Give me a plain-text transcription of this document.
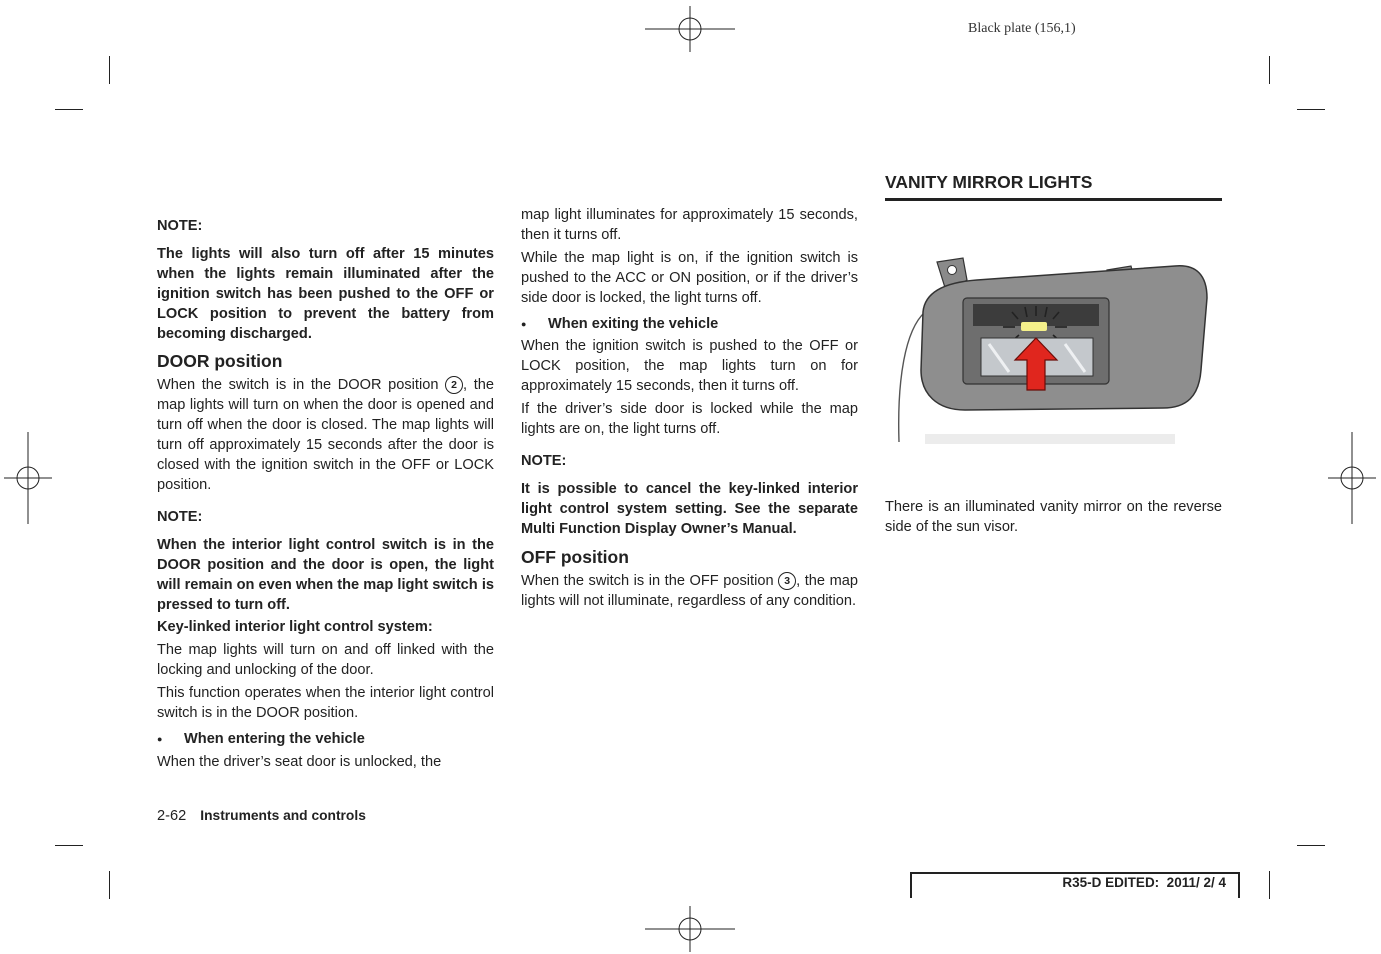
Black plate (156,1)

NOTE:

The lights will also turn off after 15 minutes when the lights remain illuminated after the ignition switch has been pushed to the OFF or LOCK position to prevent the battery from becoming discharged.

DOOR position

When the switch is in the DOOR position 2 , the map lights will turn on when the door is opened and turn off when the door is closed. The map lights will turn off approximately 15 seconds after the door is closed with the ignition switch in the OFF or LOCK position.

NOTE:

When the interior light control switch is in the DOOR position and the door is open, the light will remain on even when the map light switch is pressed to turn off.

Key-linked interior light control system:

The map lights will turn on and off linked with the locking and unlocking of the door.

This function operates when the interior light control switch is in the DOOR position.

● When entering the vehicle

When the driver’s seat door is unlocked, the

map light illuminates for approximately 15 seconds, then it turns off.

While the map light is on, if the ignition switch is pushed to the ACC or ON position, or if the driver’s side door is locked, the light turns off.

● When exiting the vehicle

When the ignition switch is pushed to the OFF or LOCK position, the map lights turn on for approximately 15 seconds, then it turns off.

If the driver’s side door is locked while the map lights are on, the light turns off.

NOTE:

It is possible to cancel the key-linked interior light control system setting. See the separate Multi Function Display Owner’s Manual.

OFF position

When the switch is in the OFF position 3 , the map lights will not illuminate, regardless of any condition.

VANITY MIRROR LIGHTS

There is an illuminated vanity mirror on the reverse side of the sun visor.

2-62 Instruments and controls
R35-D EDITED:  2011/ 2/ 4
